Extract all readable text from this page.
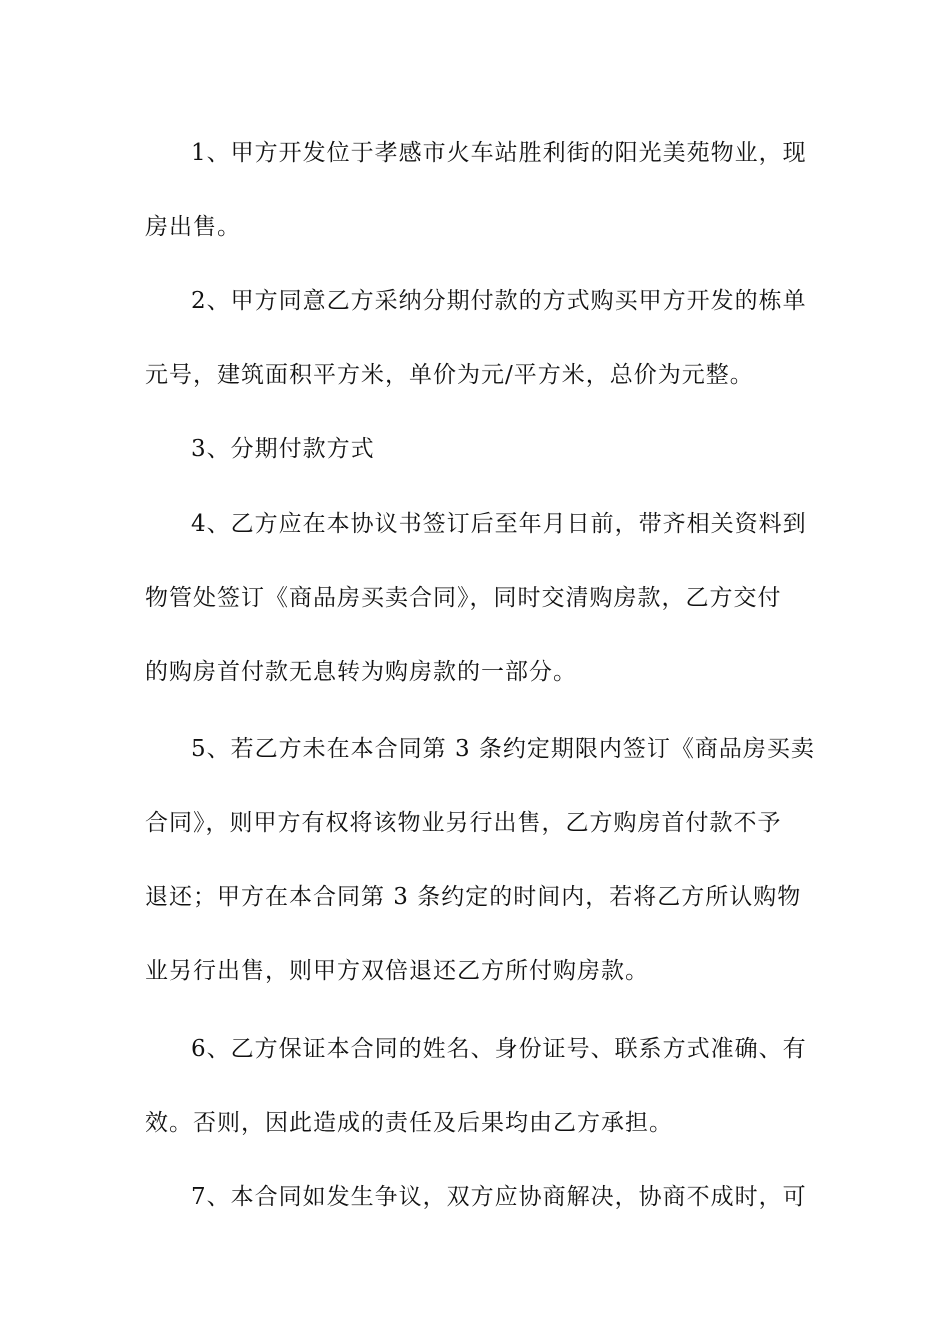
1、甲方开发位于孝感市火车站胜利街的阳光美苑物业，现
房出售。

2、甲方同意乙方采纳分期付款的方式购买甲方开发的栋单
元号，建筑面积平方米，单价为元/平方米，总价为元整。

3、分期付款方式

4、乙方应在本协议书签订后至年月日前，带齐相关资料到
物管处签订《商品房买卖合同》，同时交清购房款，乙方交付
的购房首付款无息转为购房款的一部分。

5、若乙方未在本合同第 3 条约定期限内签订《商品房买卖
合同》，则甲方有权将该物业另行出售，乙方购房首付款不予
退还；甲方在本合同第 3 条约定的时间内，若将乙方所认购物
业另行出售，则甲方双倍退还乙方所付购房款。

6、乙方保证本合同的姓名、身份证号、联系方式准确、有
效。否则，因此造成的责任及后果均由乙方承担。

7、本合同如发生争议，双方应协商解决，协商不成时，可
